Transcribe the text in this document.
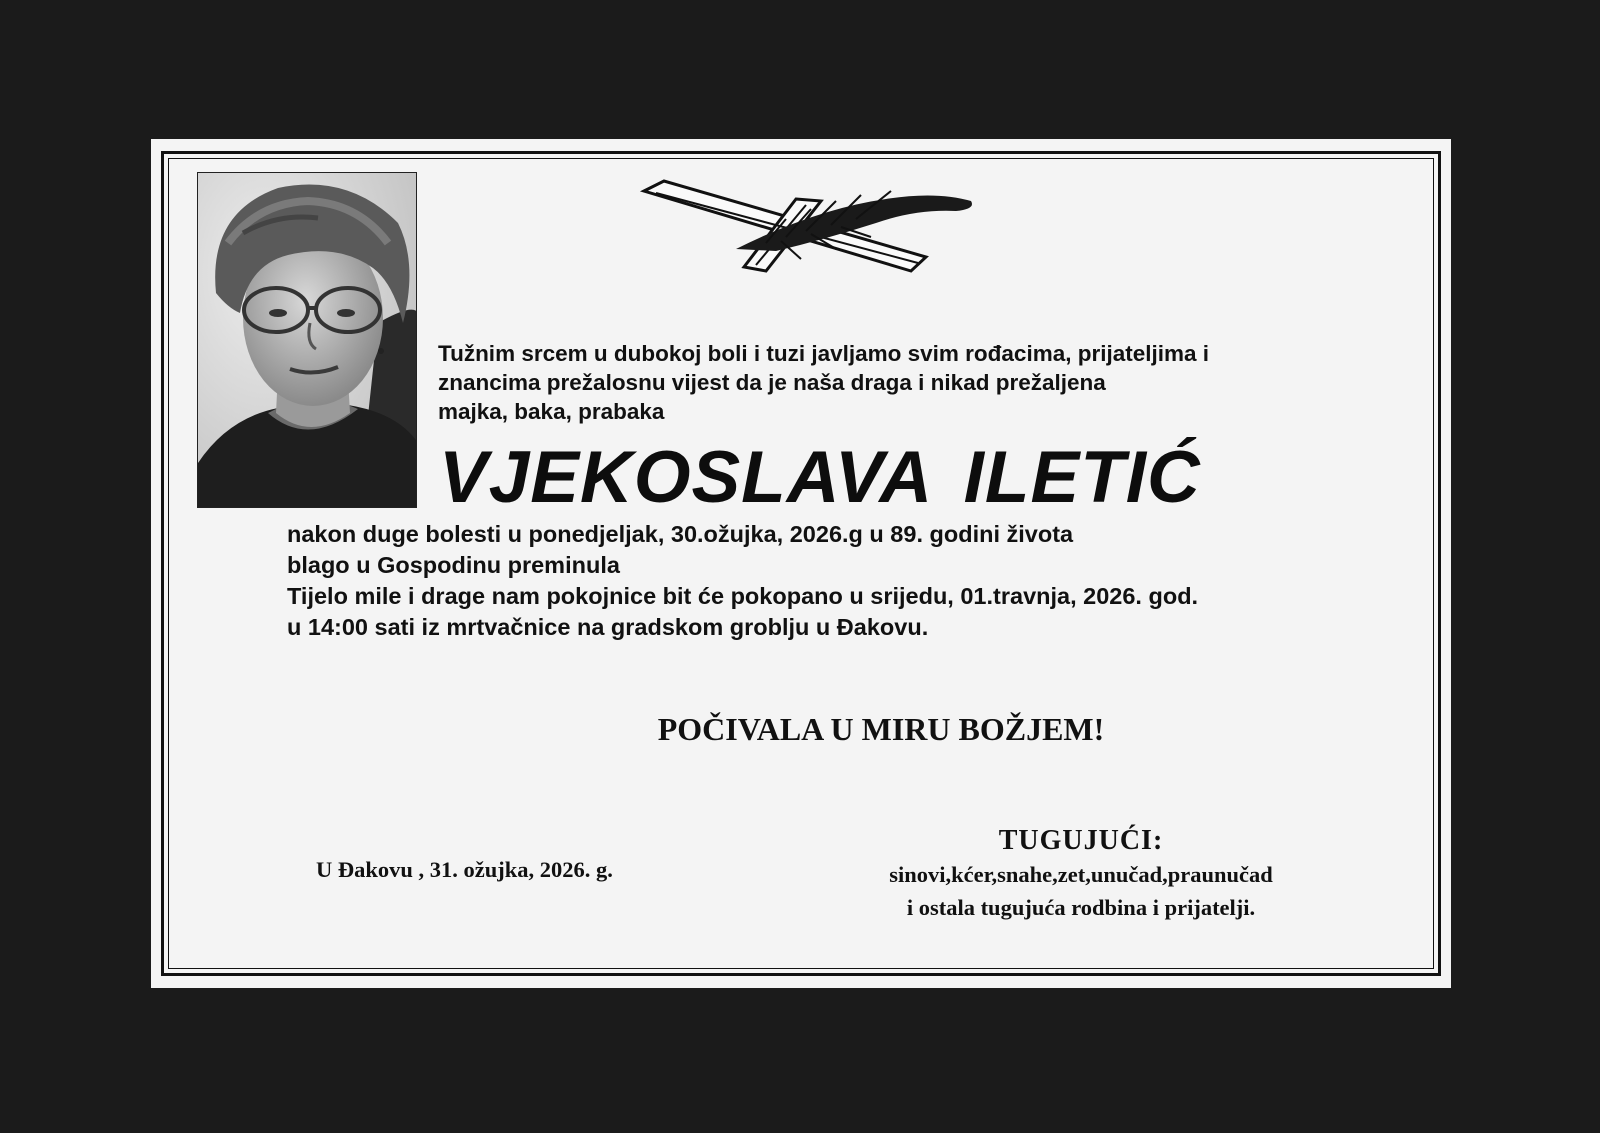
Tužnim srcem u dubokoj boli i tuzi javljamo svim rođacima, prijateljima i
znancima prežalosnu vijest da je naša draga i nikad prežaljena
majka, baka, prabaka

VJEKOSLAVA ILETIĆ

nakon duge bolesti u ponedjeljak, 30.ožujka, 2026.g u 89. godini života
blago u Gospodinu preminula
Tijelo mile i drage nam pokojnice bit će pokopano u srijedu, 01.travnja, 2026. god.
u 14:00 sati iz mrtvačnice na gradskom groblju u Đakovu.

POČIVALA U MIRU BOŽJEM!

U Đakovu , 31. ožujka, 2026. g.

TUGUJUĆI:
sinovi,kćer,snahe,zet,unučad,praunučad
i ostala tugujuća rodbina i prijatelji.
